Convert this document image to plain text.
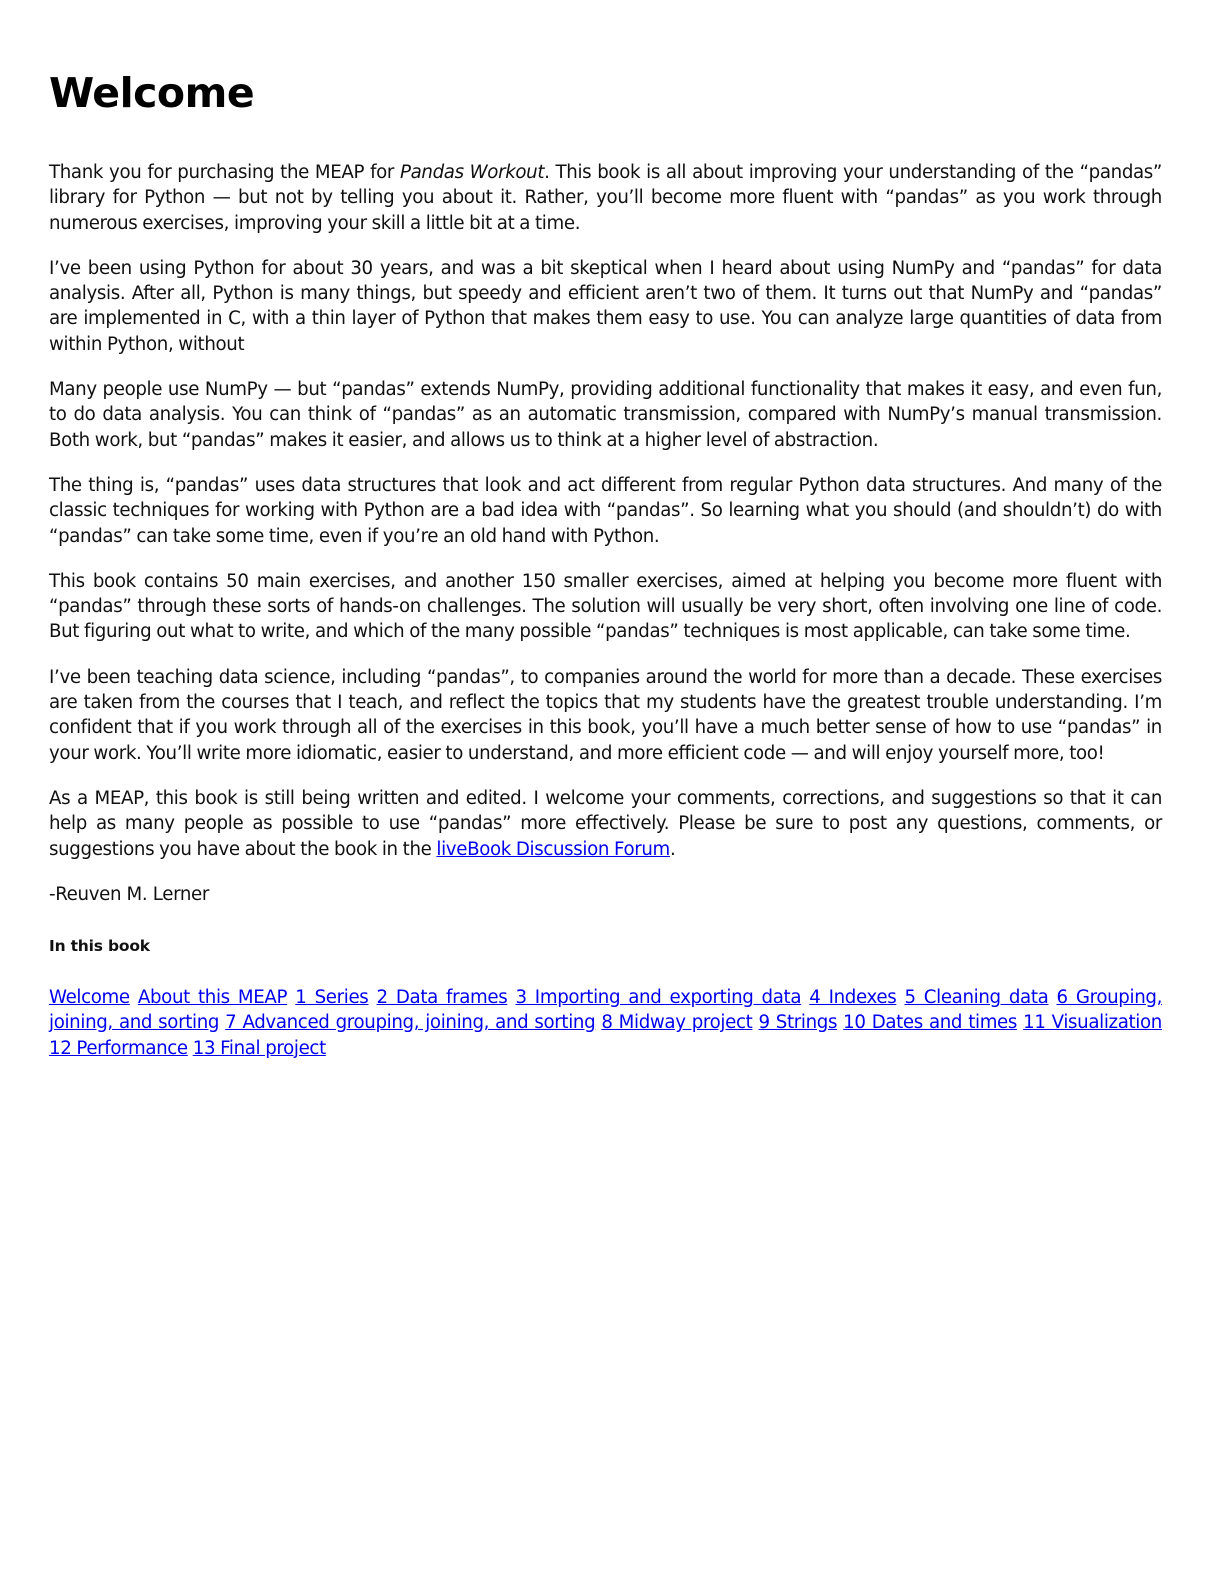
Welcome

Thank you for purchasing the MEAP for Pandas Workout. This book is all about improving your understanding of the “pandas” library for Python — but not by telling you about it. Rather, you’ll become more fluent with “pandas” as you work through numerous exercises, improving your skill a little bit at a time.

I’ve been using Python for about 30 years, and was a bit skeptical when I heard about using NumPy and “pandas” for data analysis. After all, Python is many things, but speedy and efficient aren’t two of them. It turns out that NumPy and “pandas” are implemented in C, with a thin layer of Python that makes them easy to use. You can analyze large quantities of data from within Python, without

Many people use NumPy — but “pandas” extends NumPy, providing additional functionality that makes it easy, and even fun, to do data analysis. You can think of “pandas” as an automatic transmission, compared with NumPy’s manual transmission. Both work, but “pandas” makes it easier, and allows us to think at a higher level of abstraction.

The thing is, “pandas” uses data structures that look and act different from regular Python data structures. And many of the classic techniques for working with Python are a bad idea with “pandas”. So learning what you should (and shouldn’t) do with “pandas” can take some time, even if you’re an old hand with Python.

This book contains 50 main exercises, and another 150 smaller exercises, aimed at helping you become more fluent with “pandas” through these sorts of hands-on challenges. The solution will usually be very short, often involving one line of code. But figuring out what to write, and which of the many possible “pandas” techniques is most applicable, can take some time.

I’ve been teaching data science, including “pandas”, to companies around the world for more than a decade. These exercises are taken from the courses that I teach, and reflect the topics that my students have the greatest trouble understanding. I’m confident that if you work through all of the exercises in this book, you’ll have a much better sense of how to use “pandas” in your work. You’ll write more idiomatic, easier to understand, and more efficient code — and will enjoy yourself more, too!

As a MEAP, this book is still being written and edited. I welcome your comments, corrections, and suggestions so that it can help as many people as possible to use “pandas” more effectively. Please be sure to post any questions, comments, or suggestions you have about the book in the liveBook Discussion Forum.

-Reuven M. Lerner
In this book

Welcome About this MEAP 1 Series 2 Data frames 3 Importing and exporting data 4 Indexes 5 Cleaning data 6 Grouping, joining, and sorting 7 Advanced grouping, joining, and sorting 8 Midway project 9 Strings 10 Dates and times 11 Visualization 12 Performance 13 Final project
